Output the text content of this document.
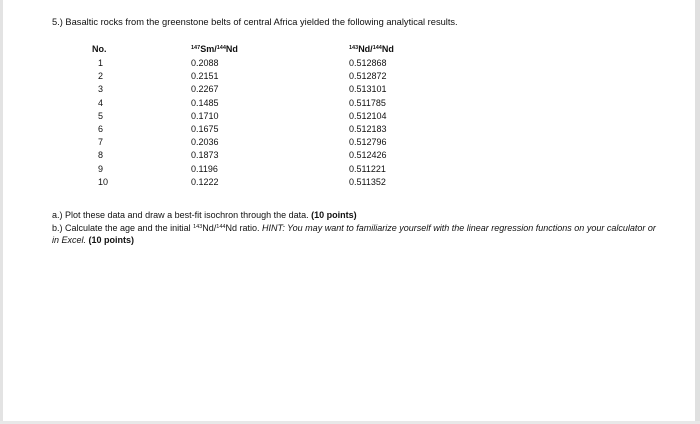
5.) Basaltic rocks from the greenstone belts of central Africa yielded the following analytical results.
No.	$^{147}$Sm/$^{144}$Nd	$^{143}$Nd/$^{144}$Nd
1	0.2088	0.512868
2	0.2151	0.512872
3	0.2267	0.513101
4	0.1485	0.511785
5	0.1710	0.512104
6	0.1675	0.512183
7	0.2036	0.512796
8	0.1873	0.512426
9	0.1196	0.511221
10	0.1222	0.511352

a.) Plot these data and draw a best-fit isochron through the data. (10 points)

b.) Calculate the age and the initial $^{143}$Nd/$^{144}$Nd ratio. HINT: You may want to familiarize yourself with the linear regression functions on your calculator or in Excel. (10 points)
